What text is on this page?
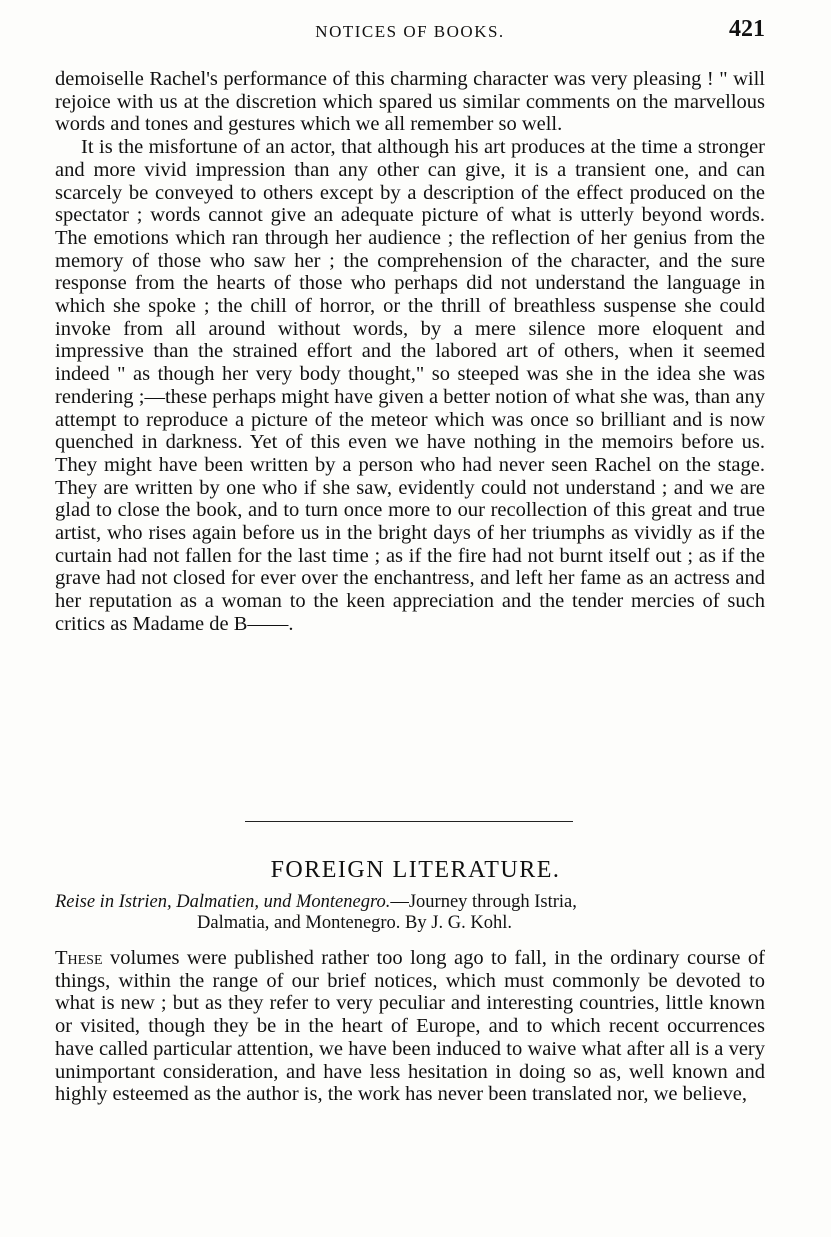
NOTICES OF BOOKS.	421

demoiselle Rachel's performance of this charming character was very pleasing ! " will rejoice with us at the discretion which spared us similar comments on the marvellous words and tones and gestures which we all remember so well.

It is the misfortune of an actor, that although his art produces at the time a stronger and more vivid impression than any other can give, it is a transient one, and can scarcely be conveyed to others except by a description of the effect produced on the spectator ; words cannot give an adequate picture of what is utterly beyond words. The emotions which ran through her audience ; the reflection of her genius from the memory of those who saw her ; the comprehension of the character, and the sure response from the hearts of those who perhaps did not understand the language in which she spoke ; the chill of horror, or the thrill of breathless suspense she could invoke from all around without words, by a mere silence more eloquent and impressive than the strained effort and the labored art of others, when it seemed indeed " as though her very body thought," so steeped was she in the idea she was rendering ;—these perhaps might have given a better notion of what she was, than any attempt to reproduce a picture of the meteor which was once so brilliant and is now quenched in darkness. Yet of this even we have nothing in the memoirs before us. They might have been written by a person who had never seen Rachel on the stage. They are written by one who if she saw, evidently could not understand ; and we are glad to close the book, and to turn once more to our recollection of this great and true artist, who rises again before us in the bright days of her triumphs as vividly as if the curtain had not fallen for the last time ; as if the fire had not burnt itself out ; as if the grave had not closed for ever over the enchantress, and left her fame as an actress and her reputation as a woman to the keen appreciation and the tender mercies of such critics as Madame de B——.

FOREIGN LITERATURE.
Reise in Istrien, Dalmatien, und Montenegro.—Journey through Istria,
Dalmatia, and Montenegro. By J. G. Kohl.

These volumes were published rather too long ago to fall, in the ordinary course of things, within the range of our brief notices, which must commonly be devoted to what is new ; but as they refer to very peculiar and interesting countries, little known or visited, though they be in the heart of Europe, and to which recent occurrences have called particular attention, we have been induced to waive what after all is a very unimportant consideration, and have less hesitation in doing so as, well known and highly esteemed as the author is, the work has never been translated nor, we believe,
